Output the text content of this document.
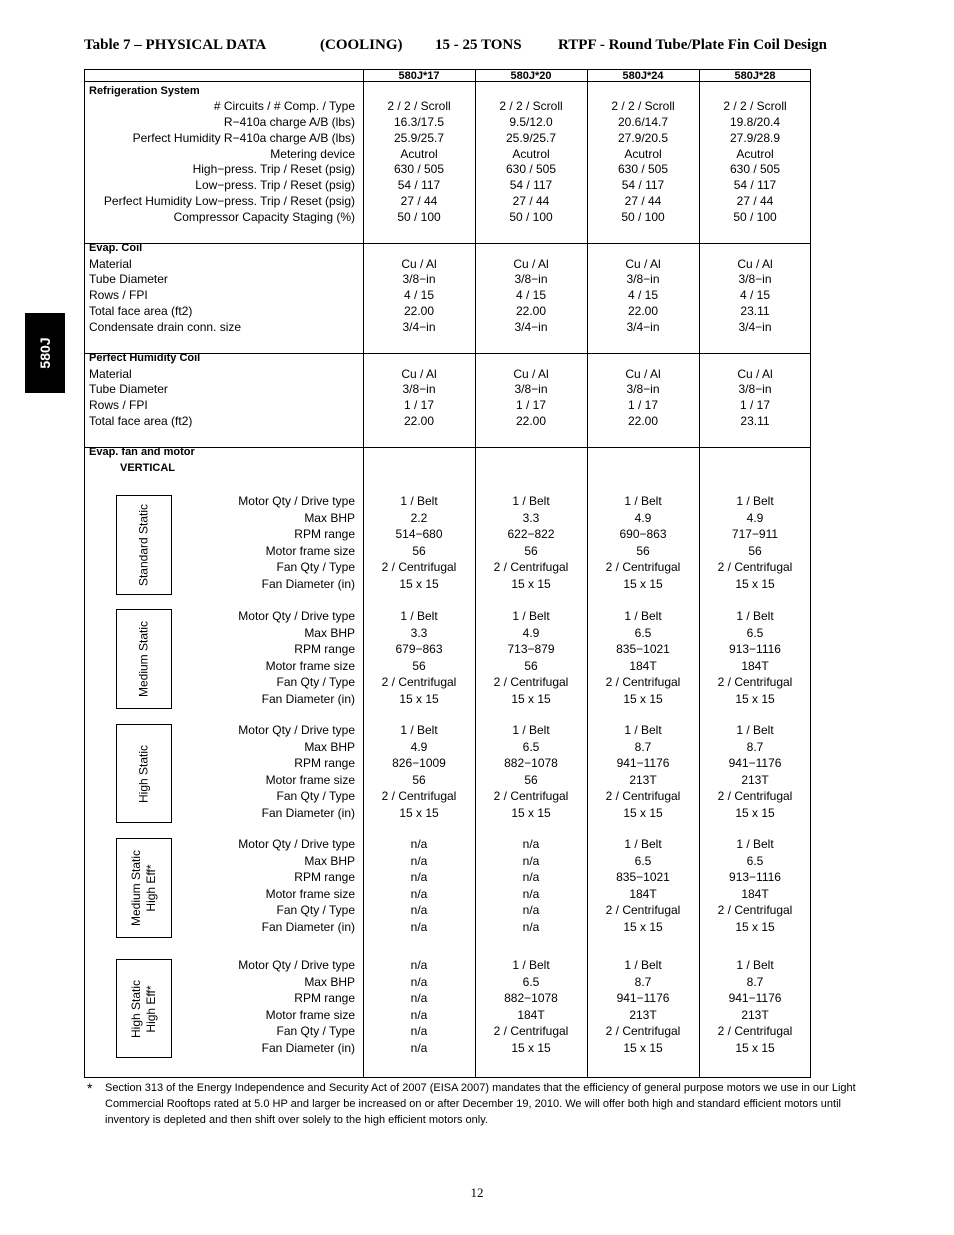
Table 7 – PHYSICAL DATA	(COOLING) 15 - 25 TONS RTPF - Round Tube/Plate Fin Coil Design
580J
580J*17	580J*20	580J*24	580J*28
Refrigeration System
# Circuits / # Comp. / Type	2 / 2 / Scroll	2 / 2 / Scroll	2 / 2 / Scroll	2 / 2 / Scroll
R−410a charge A/B (lbs)	16.3/17.5	9.5/12.0	20.6/14.7	19.8/20.4
Perfect Humidity R−410a charge A/B (lbs)	25.9/25.7	25.9/25.7	27.9/20.5	27.9/28.9
Metering device	Acutrol	Acutrol	Acutrol	Acutrol
High−press. Trip / Reset (psig)	630 / 505	630 / 505	630 / 505	630 / 505
Low−press. Trip / Reset (psig)	54 / 117	54 / 117	54 / 117	54 / 117
Perfect Humidity Low−press. Trip / Reset (psig)	27 / 44	27 / 44	27 / 44	27 / 44
Compressor Capacity Staging (%)	50 / 100	50 / 100	50 / 100	50 / 100
Evap. Coil
Material	Cu / Al	Cu / Al	Cu / Al	Cu / Al
Tube Diameter	3/8−in	3/8−in	3/8−in	3/8−in
Rows / FPI	4 / 15	4 / 15	4 / 15	4 / 15
Total face area (ft2)	22.00	22.00	22.00	23.11
Condensate drain conn. size	3/4−in	3/4−in	3/4−in	3/4−in
Perfect Humidity Coil
Material	Cu / Al	Cu / Al	Cu / Al	Cu / Al
Tube Diameter	3/8−in	3/8−in	3/8−in	3/8−in
Rows / FPI	1 / 17	1 / 17	1 / 17	1 / 17
Total face area (ft2)	22.00	22.00	22.00	23.11
Evap. fan and motor
VERTICAL
Standard Static
Motor Qty / Drive type	1 / Belt	1 / Belt	1 / Belt	1 / Belt
Max BHP	2.2	3.3	4.9	4.9
RPM range	514−680	622−822	690−863	717−911
Motor frame size	56	56	56	56
Fan Qty / Type	2 / Centrifugal	2 / Centrifugal	2 / Centrifugal	2 / Centrifugal
Fan Diameter (in)	15 x 15	15 x 15	15 x 15	15 x 15
Medium Static
Motor Qty / Drive type	1 / Belt	1 / Belt	1 / Belt	1 / Belt
Max BHP	3.3	4.9	6.5	6.5
RPM range	679−863	713−879	835−1021	913−1116
Motor frame size	56	56	184T	184T
Fan Qty / Type	2 / Centrifugal	2 / Centrifugal	2 / Centrifugal	2 / Centrifugal
Fan Diameter (in)	15 x 15	15 x 15	15 x 15	15 x 15
High Static
Motor Qty / Drive type	1 / Belt	1 / Belt	1 / Belt	1 / Belt
Max BHP	4.9	6.5	8.7	8.7
RPM range	826−1009	882−1078	941−1176	941−1176
Motor frame size	56	56	213T	213T
Fan Qty / Type	2 / Centrifugal	2 / Centrifugal	2 / Centrifugal	2 / Centrifugal
Fan Diameter (in)	15 x 15	15 x 15	15 x 15	15 x 15
Medium Static High Eff*
Motor Qty / Drive type	n/a	n/a	1 / Belt	1 / Belt
Max BHP	n/a	n/a	6.5	6.5
RPM range	n/a	n/a	835−1021	913−1116
Motor frame size	n/a	n/a	184T	184T
Fan Qty / Type	n/a	n/a	2 / Centrifugal	2 / Centrifugal
Fan Diameter (in)	n/a	n/a	15 x 15	15 x 15
High Static High Eff*
Motor Qty / Drive type	n/a	1 / Belt	1 / Belt	1 / Belt
Max BHP	n/a	6.5	8.7	8.7
RPM range	n/a	882−1078	941−1176	941−1176
Motor frame size	n/a	184T	213T	213T
Fan Qty / Type	n/a	2 / Centrifugal	2 / Centrifugal	2 / Centrifugal
Fan Diameter (in)	n/a	15 x 15	15 x 15	15 x 15
* Section 313 of the Energy Independence and Security Act of 2007 (EISA 2007) mandates that the efficiency of general purpose motors we use in our Light Commercial Rooftops rated at 5.0 HP and larger be increased on or after December 19, 2010. We will offer both high and standard efficient motors until inventory is depleted and then shift over solely to the high efficient motors only.
12
